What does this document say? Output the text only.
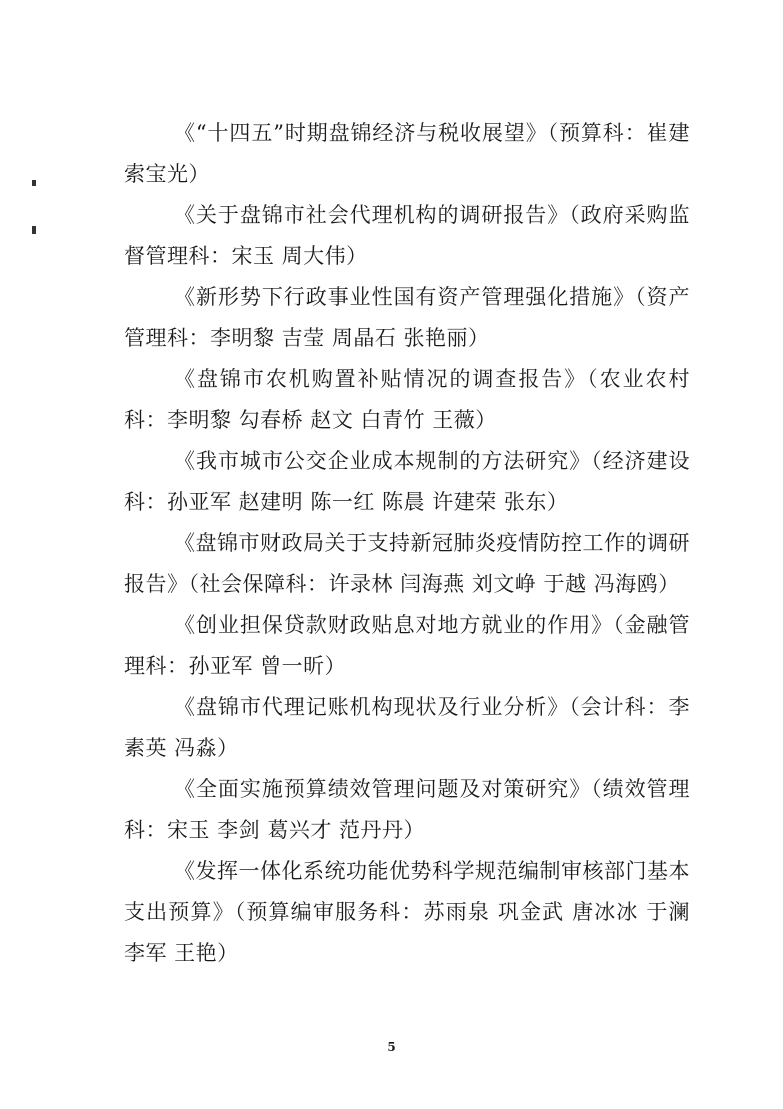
《“十四五”时期盘锦经济与税收展望》（预算科：崔建 索宝光）

《关于盘锦市社会代理机构的调研报告》（政府采购监督管理科：宋玉 周大伟）

《新形势下行政事业性国有资产管理强化措施》（资产管理科：李明黎 吉莹 周晶石 张艳丽）

《盘锦市农机购置补贴情况的调查报告》（农业农村科：李明黎 勾春桥 赵文 白青竹 王薇）

《我市城市公交企业成本规制的方法研究》（经济建设科：孙亚军 赵建明 陈一红 陈晨 许建荣 张东）

《盘锦市财政局关于支持新冠肺炎疫情防控工作的调研报告》（社会保障科：许录林 闫海燕 刘文峥 于越 冯海鸥）

《创业担保贷款财政贴息对地方就业的作用》（金融管理科：孙亚军 曾一昕）

《盘锦市代理记账机构现状及行业分析》（会计科：李素英 冯淼）

《全面实施预算绩效管理问题及对策研究》（绩效管理科：宋玉 李剑 葛兴才 范丹丹）

《发挥一体化系统功能优势科学规范编制审核部门基本支出预算》（预算编审服务科：苏雨泉 巩金武 唐冰冰 于澜 李军 王艳）

5
